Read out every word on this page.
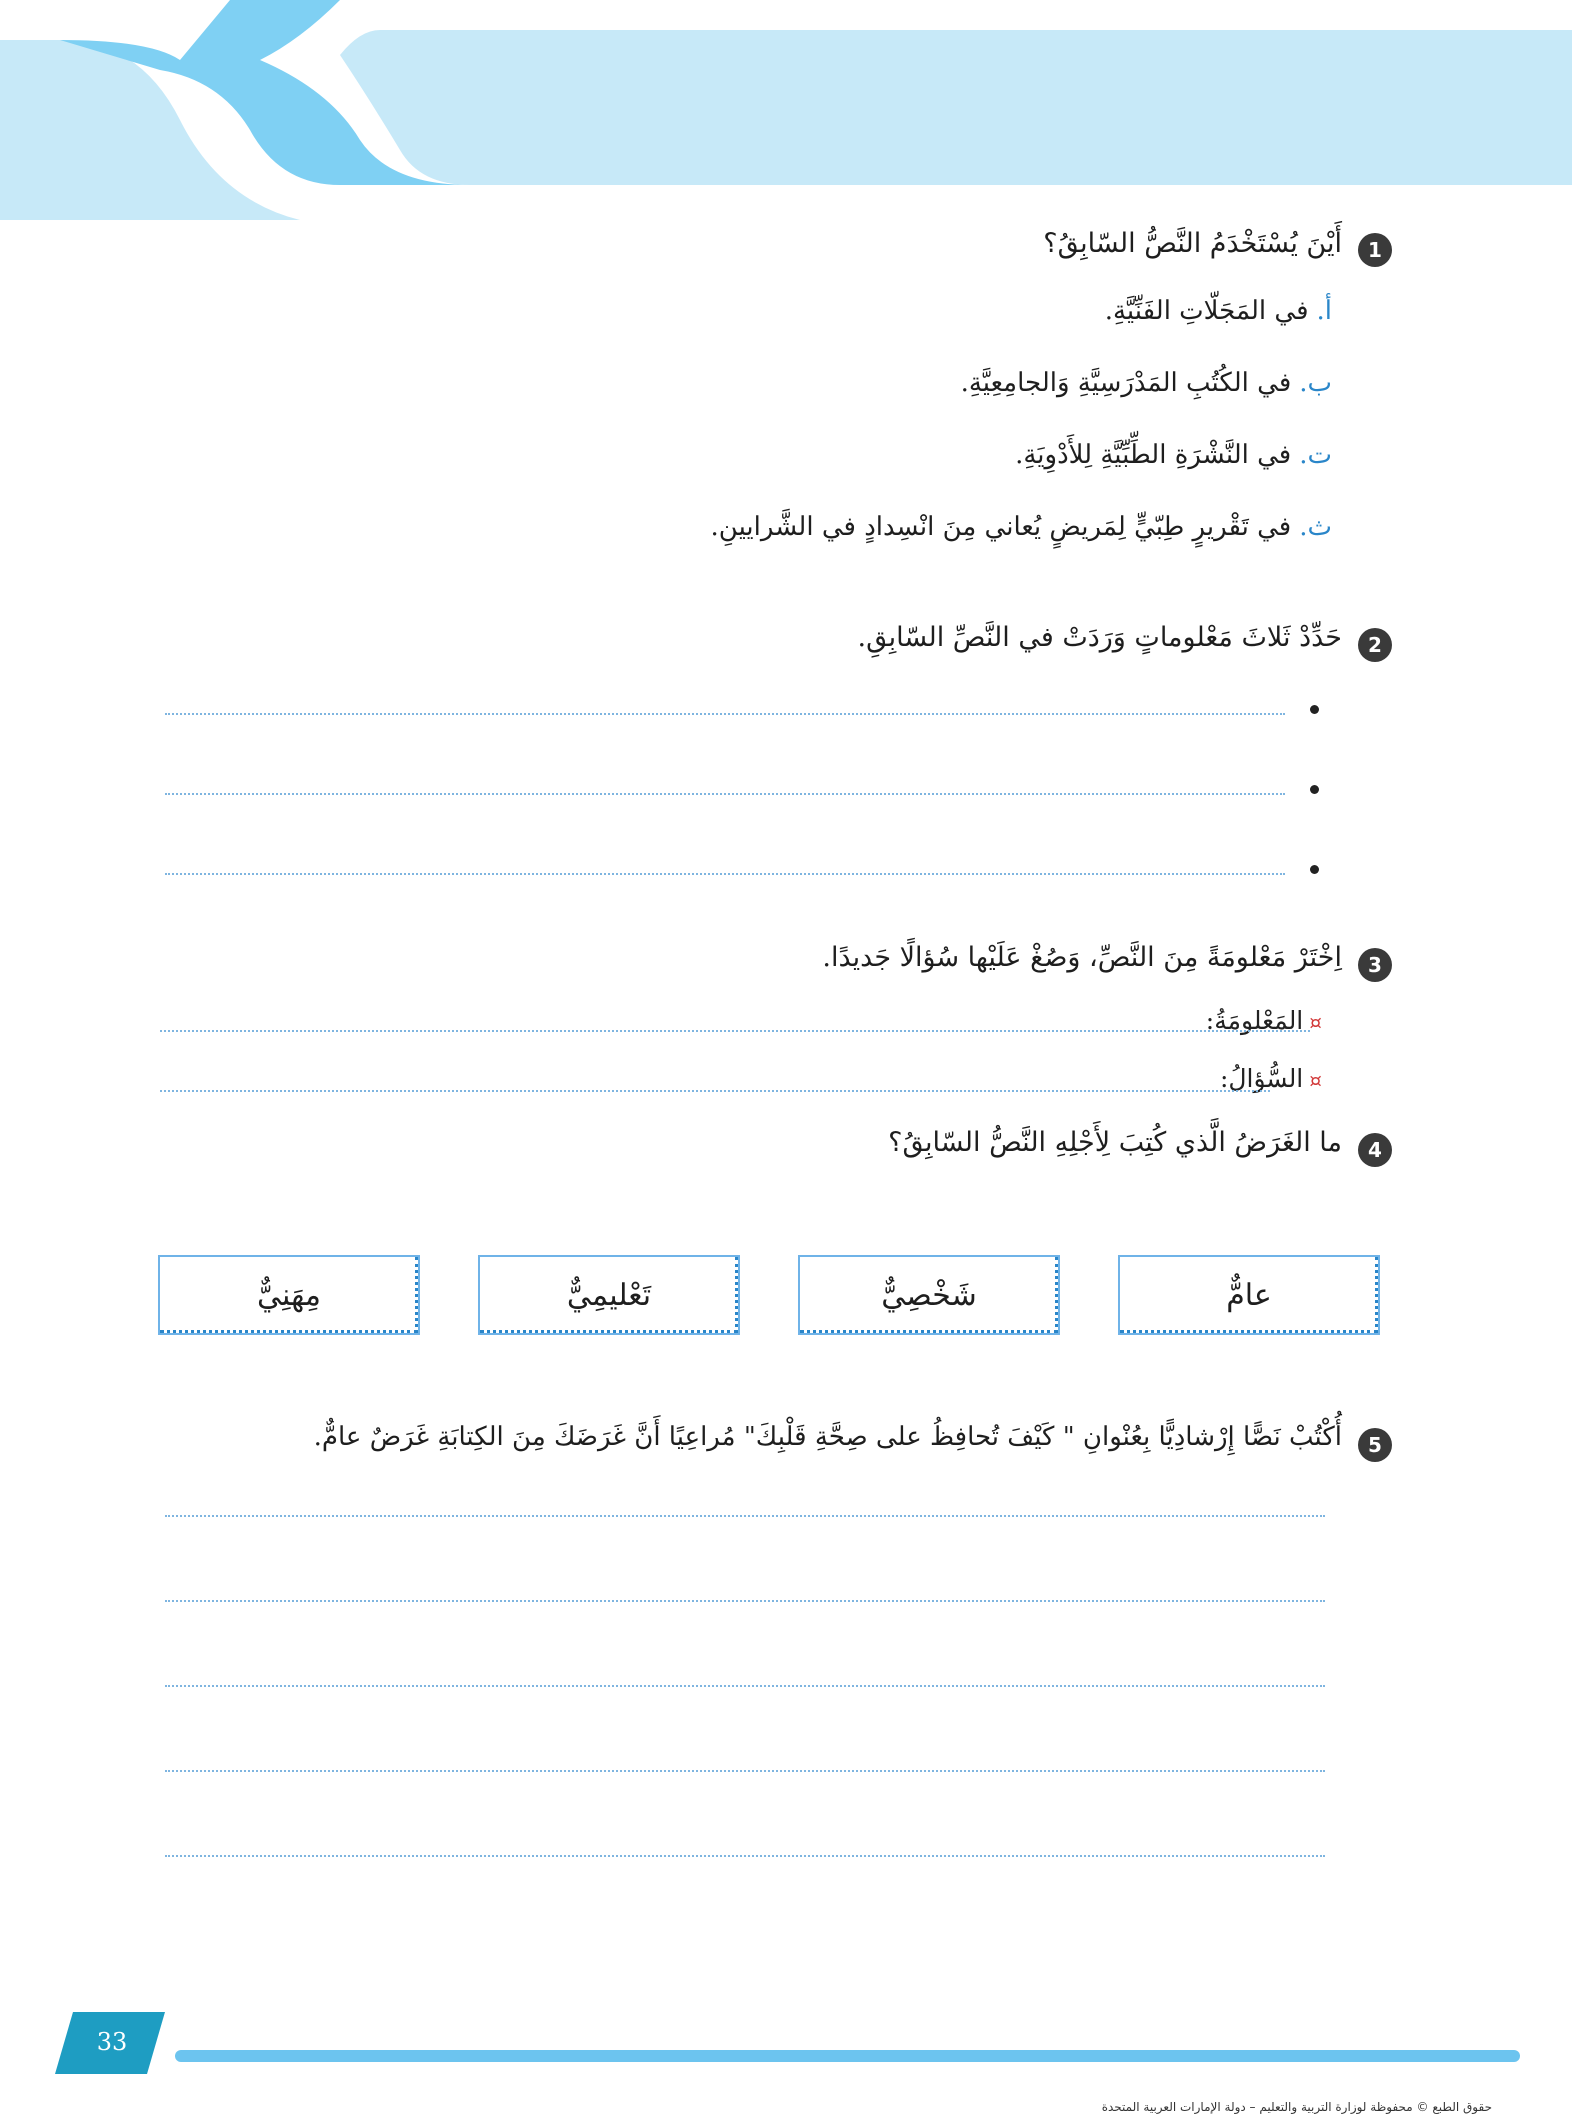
1
أَيْنَ يُسْتَخْدَمُ النَّصُّ السّابِقُ؟
أ.في المَجَلّاتِ الفَنِّيَّةِ.
ب.في الكُتُبِ المَدْرَسِيَّةِ وَالجامِعِيَّةِ.
ت.في النَّشْرَةِ الطِّبِّيَّةِ لِلأَدْوِيَةِ.
ث.في تَقْريرٍ طِبّيٍّ لِمَريضٍ يُعاني مِنَ انْسِدادٍ في الشَّرايينِ.
2
حَدِّدْ ثَلاثَ مَعْلوماتٍ وَرَدَتْ في النَّصِّ السّابِقِ.
3
اِخْتَرْ مَعْلومَةً مِنَ النَّصِّ، وَصُغْ عَلَيْها سُؤالًا جَديدًا.
¤المَعْلومَةُ:
¤السُّؤالُ:
4
ما الغَرَضُ الَّذي كُتِبَ لِأَجْلِهِ النَّصُّ السّابِقُ؟
عامٌّ
شَخْصِيٌّ
تَعْليمِيٌّ
مِهَنِيٌّ
5
أُكْتُبْ نَصًّا إِرْشادِيًّا بِعُنْوانِ " كَيْفَ تُحافِظُ على صِحَّةِ قَلْبِكَ" مُراعِيًا أَنَّ غَرَضَكَ مِنَ الكِتابَةِ غَرَضٌ عامٌّ.
33
حقوق الطبع © محفوظة لوزارة التربية والتعليم – دولة الإمارات العربية المتحدة
